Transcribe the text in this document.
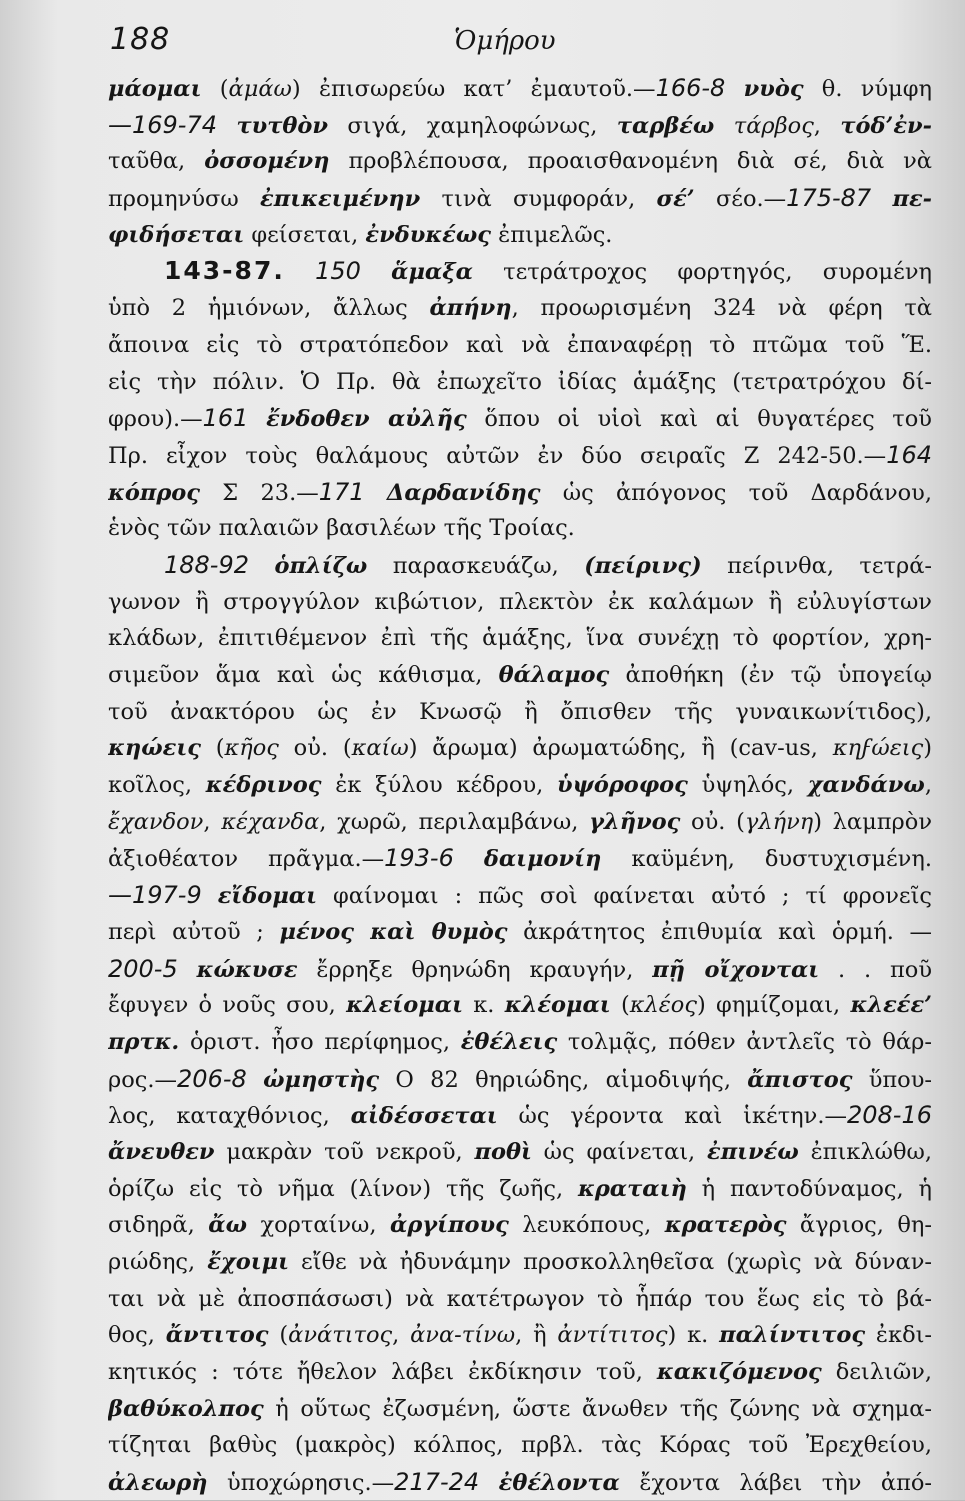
188	Ὁμήρου
μάομαι (ἀμάω) ἐπισωρεύω κατ’ ἐμαυτοῦ.—166-8 νυὸς θ. νύμφη
—169-74 τυτθὸν σιγά, χαμηλοφώνως, ταρβέω τάρβος, τόδ’ἐν-
ταῦθα, ὀσσομένη προβλέπουσα, προαισθανομένη διὰ σέ, διὰ νὰ
προμηνύσω ἐπικειμένην τινὰ συμφοράν, σέ’ σέο.—175-87 πε-
φιδήσεται φείσεται, ἐνδυκέως ἐπιμελῶς.
143-87. 150 ἅμαξα τετράτροχος φορτηγός, συρομένη
ὑπὸ 2 ἡμιόνων, ἄλλως ἀπήνη, προωρισμένη 324 νὰ φέρη τὰ
ἄποινα εἰς τὸ στρατόπεδον καὶ νὰ ἐπαναφέρῃ τὸ πτῶμα τοῦ Ἕ.
εἰς τὴν πόλιν. Ὁ Πρ. θὰ ἐπωχεῖτο ἰδίας ἁμάξης (τετρατρόχου δί-
φρου).—161 ἔνδοθεν αὐλῆς ὅπου οἱ υἱοὶ καὶ αἱ θυγατέρες τοῦ
Πρ. εἶχον τοὺς θαλάμους αὐτῶν ἐν δύο σειραῖς Ζ 242-50.—164
κόπρος Σ 23.—171 Δαρδανίδης ὡς ἀπόγονος τοῦ Δαρδάνου,
ἑνὸς τῶν παλαιῶν βασιλέων τῆς Τροίας.
188-92 ὁπλίζω παρασκευάζω, (πείρινς) πείρινθα, τετρά-
γωνον ἢ στρογγύλον κιβώτιον, πλεκτὸν ἐκ καλάμων ἢ εὐλυγίστων
κλάδων, ἐπιτιθέμενον ἐπὶ τῆς ἁμάξης, ἵνα συνέχῃ τὸ φορτίον, χρη-
σιμεῦον ἅμα καὶ ὡς κάθισμα, θάλαμος ἀποθήκη (ἐν τῷ ὑπογείῳ
τοῦ ἀνακτόρου ὡς ἐν Κνωσῷ ἢ ὄπισθεν τῆς γυναικωνίτιδος),
κηώεις (κῆος οὐ. (καίω) ἄρωμα) ἀρωματώδης, ἢ (cav-us, κηϝώεις)
κοῖλος, κέδρινος ἐκ ξύλου κέδρου, ὑψόροφος ὑψηλός, χανδάνω,
ἔχανδον, κέχανδα, χωρῶ, περιλαμβάνω, γλῆνος οὐ. (γλήνη) λαμπρὸν
ἀξιοθέατον πρᾶγμα.—193-6 δαιμονίη καϋμένη, δυστυχισμένη.
—197-9 εἴδομαι φαίνομαι : πῶς σοὶ φαίνεται αὐτό ; τί φρονεῖς
περὶ αὐτοῦ ; μένος καὶ θυμὸς ἀκράτητος ἐπιθυμία καὶ ὁρμή. —
200-5 κώκυσε ἔρρηξε θρηνώδη κραυγήν, πῇ οἴχονται . . ποῦ
ἔφυγεν ὁ νοῦς σου, κλείομαι κ. κλέομαι (κλέος) φημίζομαι, κλεέε’
πρτκ. ὁριστ. ἦσο περίφημος, ἐθέλεις τολμᾷς, πόθεν ἀντλεῖς τὸ θάρ-
ρος.—206-8 ὠμηστὴς Ο 82 θηριώδης, αἱμοδιψής, ἄπιστος ὕπου-
λος, καταχθόνιος, αἰδέσσεται ὡς γέροντα καὶ ἱκέτην.—208-16
ἄνευθεν μακρὰν τοῦ νεκροῦ, ποθὶ ὡς φαίνεται, ἐπινέω ἐπικλώθω,
ὁρίζω εἰς τὸ νῆμα (λίνον) τῆς ζωῆς, κραταιὴ ἡ παντοδύναμος, ἡ
σιδηρᾶ, ἄω χορταίνω, ἀργίπους λευκόπους, κρατερὸς ἄγριος, θη-
ριώδης, ἔχοιμι εἴθε νὰ ἠδυνάμην προσκολληθεῖσα (χωρὶς νὰ δύναν-
ται νὰ μὲ ἀποσπάσωσι) νὰ κατέτρωγον τὸ ἧπάρ του ἕως εἰς τὸ βά-
θος, ἄντιτος (ἀνάτιτος, ἀνα-τίνω, ἢ ἀντίτιτος) κ. παλίντιτος ἐκδι-
κητικός : τότε ἤθελον λάβει ἐκδίκησιν τοῦ, κακιζόμενος δειλιῶν,
βαθύκολπος ἡ οὕτως ἐζωσμένη, ὥστε ἄνωθεν τῆς ζώνης νὰ σχημα-
τίζηται βαθὺς (μακρὸς) κόλπος, πρβλ. τὰς Κόρας τοῦ Ἐρεχθείου,
ἀλεωρὴ ὑποχώρησις.—217-24 ἐθέλοντα ἔχοντα λάβει τὴν ἀπό-
